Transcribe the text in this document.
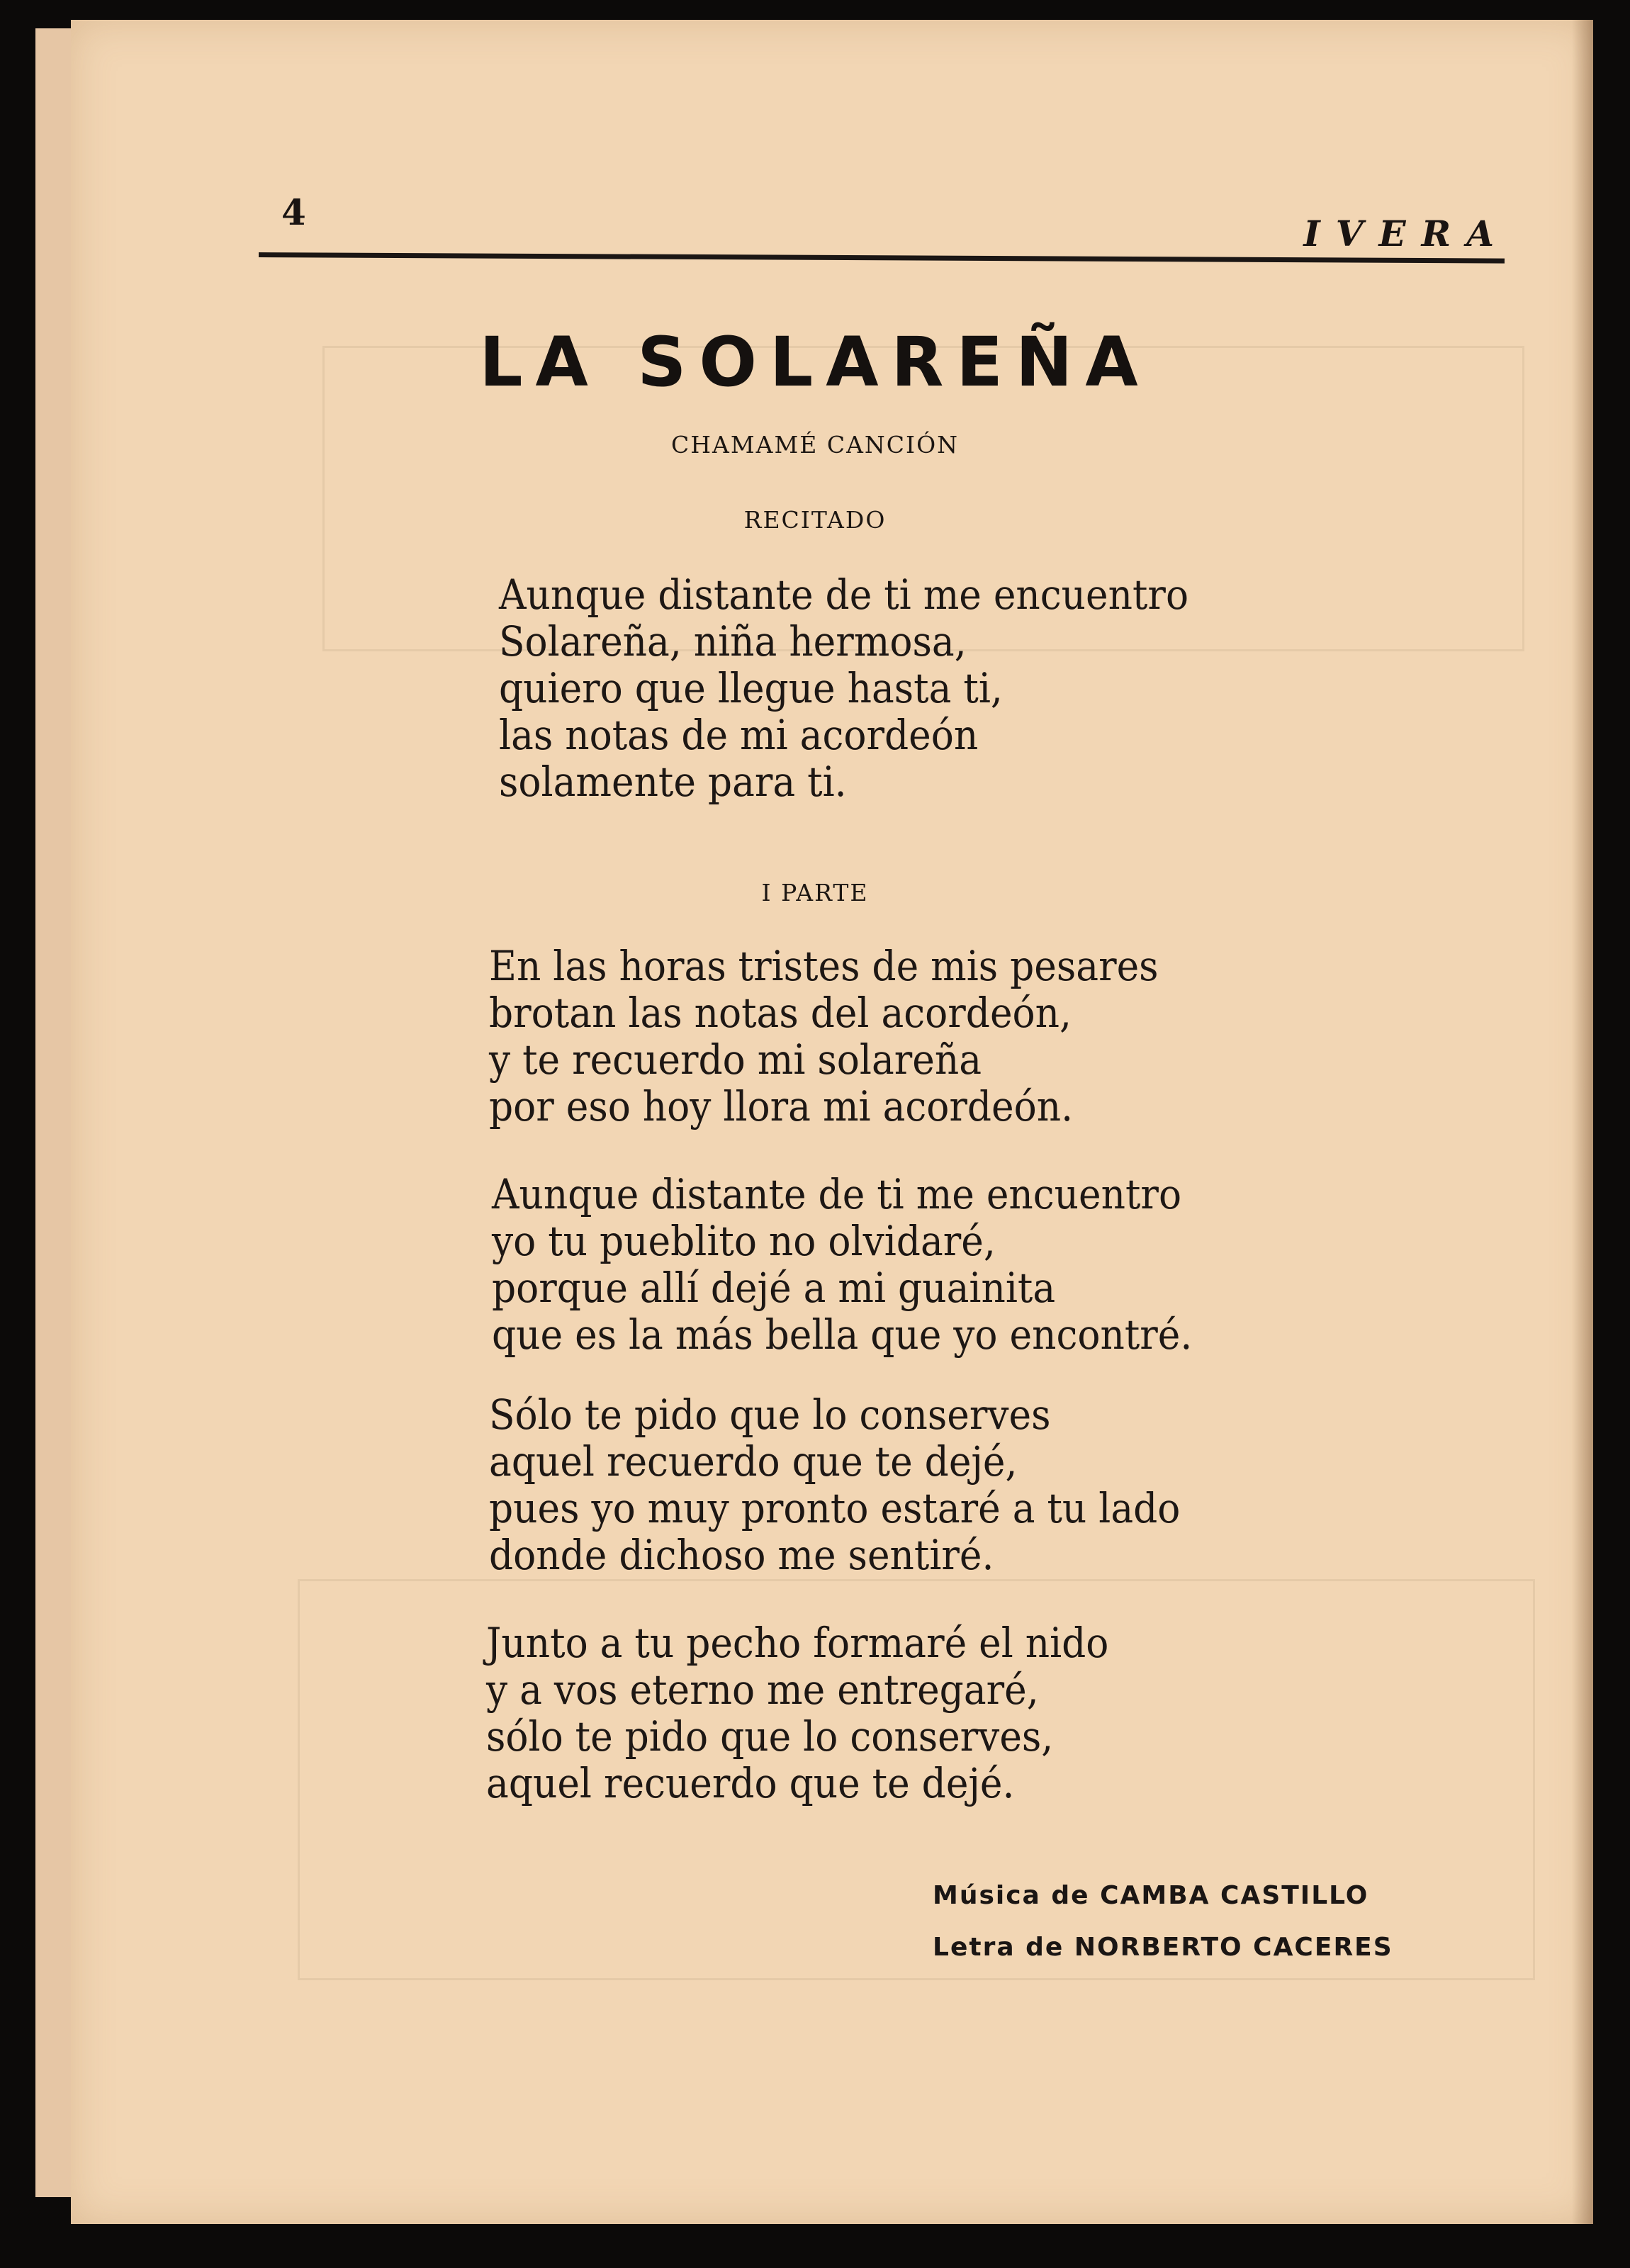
4
IVERA
LA SOLAREÑA
CHAMAMÉ CANCIÓN
RECITADO
Aunque distante de ti me encuentro
Solareña, niña hermosa,
quiero que llegue hasta ti,
las notas de mi acordeón
solamente para ti.
I PARTE
En las horas tristes de mis pesares
brotan las notas del acordeón,
y te recuerdo mi solareña
por eso hoy llora mi acordeón.
Aunque distante de ti me encuentro
yo tu pueblito no olvidaré,
porque allí dejé a mi guainita
que es la más bella que yo encontré.
Sólo te pido que lo conserves
aquel recuerdo que te dejé,
pues yo muy pronto estaré a tu lado
donde dichoso me sentiré.
Junto a tu pecho formaré el nido
y a vos eterno me entregaré,
sólo te pido que lo conserves,
aquel recuerdo que te dejé.
Música de CAMBA CASTILLO
Letra de NORBERTO CACERES
